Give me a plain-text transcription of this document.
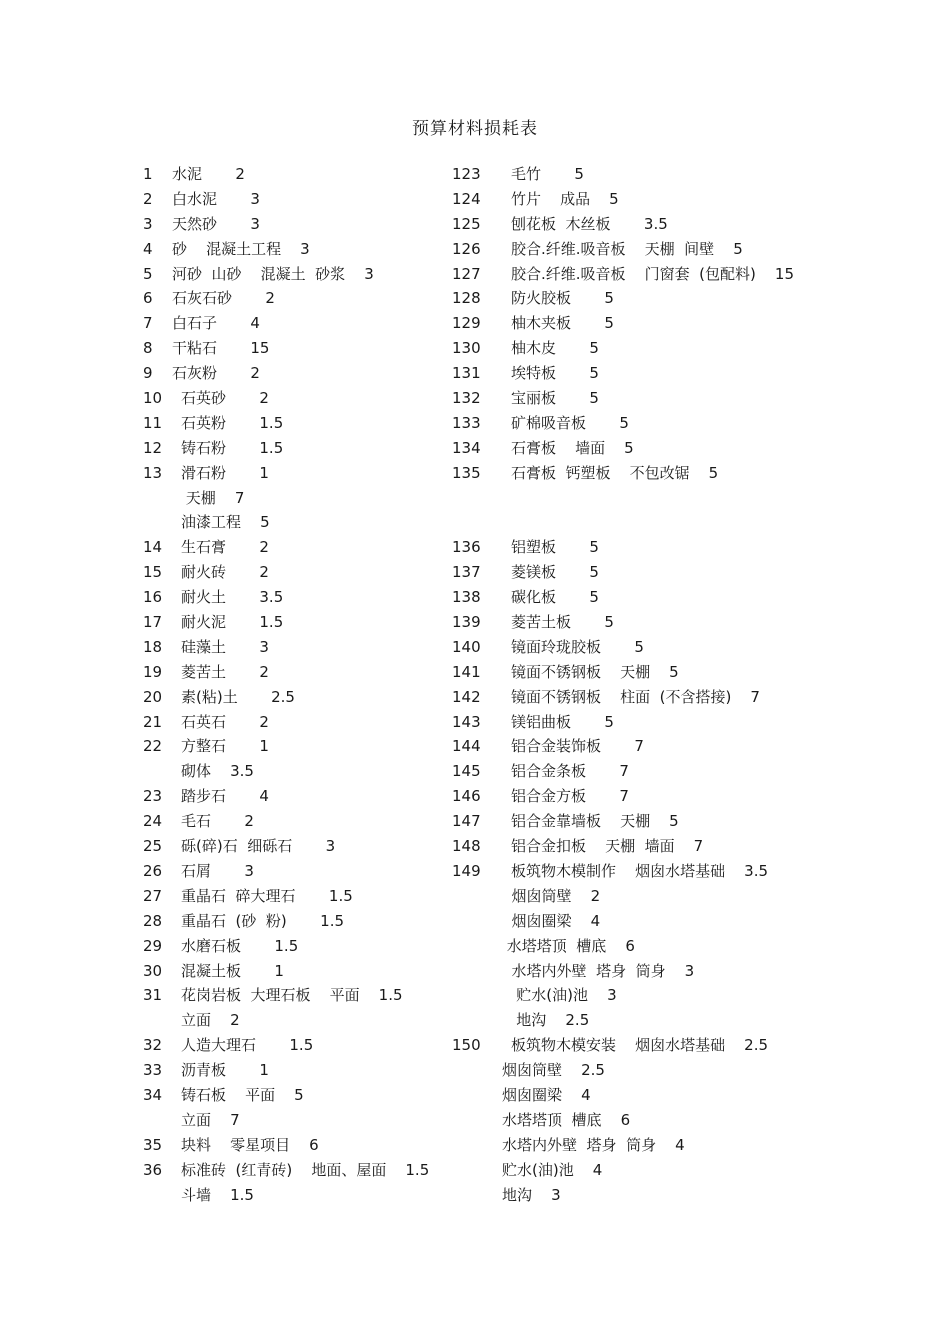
预算材料损耗表
1 水泥       2
2 白水泥       3
3 天然砂       3
4 砂    混凝土工程    3
5 河砂  山砂    混凝土  砂浆    3
6 石灰石砂       2
7 白石子       4
8 干粘石       15
9 石灰粉       2
10 石英砂       2
11 石英粉       1.5
12 铸石粉       1.5
13 滑石粉       1
天棚    7
油漆工程    5
14 生石膏       2
15 耐火砖       2
16 耐火土       3.5
17 耐火泥       1.5
18 硅藻土       3
19 菱苦土       2
20 素(粘)土       2.5
21 石英石       2
22 方整石       1
砌体    3.5
23 踏步石       4
24 毛石       2
25 砾(碎)石  细砾石       3
26 石屑       3
27 重晶石  碎大理石       1.5
28 重晶石  (砂  粉)       1.5
29 水磨石板       1.5
30 混凝土板       1
31 花岗岩板  大理石板    平面    1.5
立面    2
32 人造大理石       1.5
33 沥青板       1
34 铸石板    平面    5
立面    7
35 块料    零星项目    6
36 标准砖  (红青砖)    地面、屋面    1.5
斗墙    1.5
123 毛竹       5
124 竹片    成品    5
125 刨花板  木丝板       3.5
126 胶合.纤维.吸音板    天棚  间壁    5
127 胶合.纤维.吸音板    门窗套  (包配料)    15
128 防火胶板       5
129 柚木夹板       5
130 柚木皮       5
131 埃特板       5
132 宝丽板       5
133 矿棉吸音板       5
134 石膏板    墙面    5
135 石膏板  钙塑板    不包改锯    5
136 铝塑板       5
137 菱镁板       5
138 碳化板       5
139 菱苦土板       5
140 镜面玲珑胶板       5
141 镜面不锈钢板    天棚    5
142 镜面不锈钢板    柱面  (不含搭接)    7
143 镁铝曲板       5
144 铝合金装饰板       7
145 铝合金条板       7
146 铝合金方板       7
147 铝合金靠墙板    天棚    5
148 铝合金扣板    天棚  墙面    7
149 板筑物木模制作    烟囱水塔基础    3.5
烟囱筒壁    2
烟囱圈梁    4
水塔塔顶  槽底    6
水塔内外壁  塔身  筒身    3
贮水(油)池    3
地沟    2.5
150 板筑物木模安装    烟囱水塔基础    2.5
烟囱筒壁    2.5
烟囱圈梁    4
水塔塔顶  槽底    6
水塔内外壁  塔身  筒身    4
贮水(油)池    4
地沟    3
